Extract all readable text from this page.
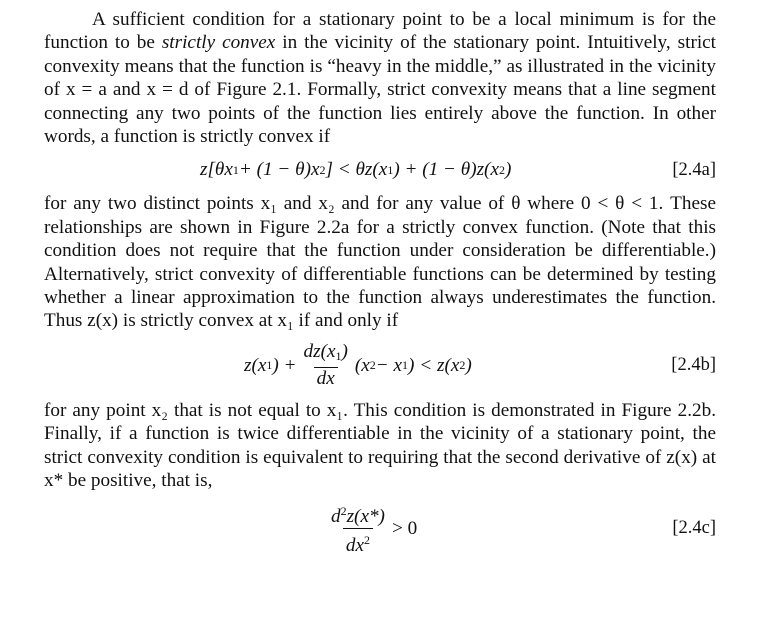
A sufficient condition for a stationary point to be a local minimum is for the function to be strictly convex in the vicinity of the stationary point. Intuitively, strict convexity means that the function is “heavy in the middle,” as illustrated in the vicinity of x = a and x = d of Figure 2.1. Formally, strict convexity means that a line segment connecting any two points of the function lies entirely above the function. In other words, a function is strictly convex if

z[θx 1 + (1 − θ)x 2 ] < θz(x 1 ) + (1 − θ)z(x 2 )	[2.4a]

for any two distinct points x₁ and x₂ and for any value of θ where 0 < θ < 1. These relationships are shown in Figure 2.2a for a strictly convex function. (Note that this condition does not require that the function under consideration be differentiable.) Alternatively, strict convexity of differentiable functions can be determined by testing whether a linear approximation to the function always underestimates the function. Thus z(x) is strictly convex at x₁ if and only if

z(x 1 ) + $\frac{dz(x_1)}{dx} (x$ 2 − x 1 ) < z(x 2 )	[2.4b]

for any point x₂ that is not equal to x₁. This condition is demonstrated in Figure 2.2b. Finally, if a function is twice differentiable in the vicinity of a stationary point, the strict convexity condition is equivalent to requiring that the second derivative of z(x) at x* be positive, that is,

$\frac{d^2z(x*)}{dx^2} > 0$	[2.4c]
